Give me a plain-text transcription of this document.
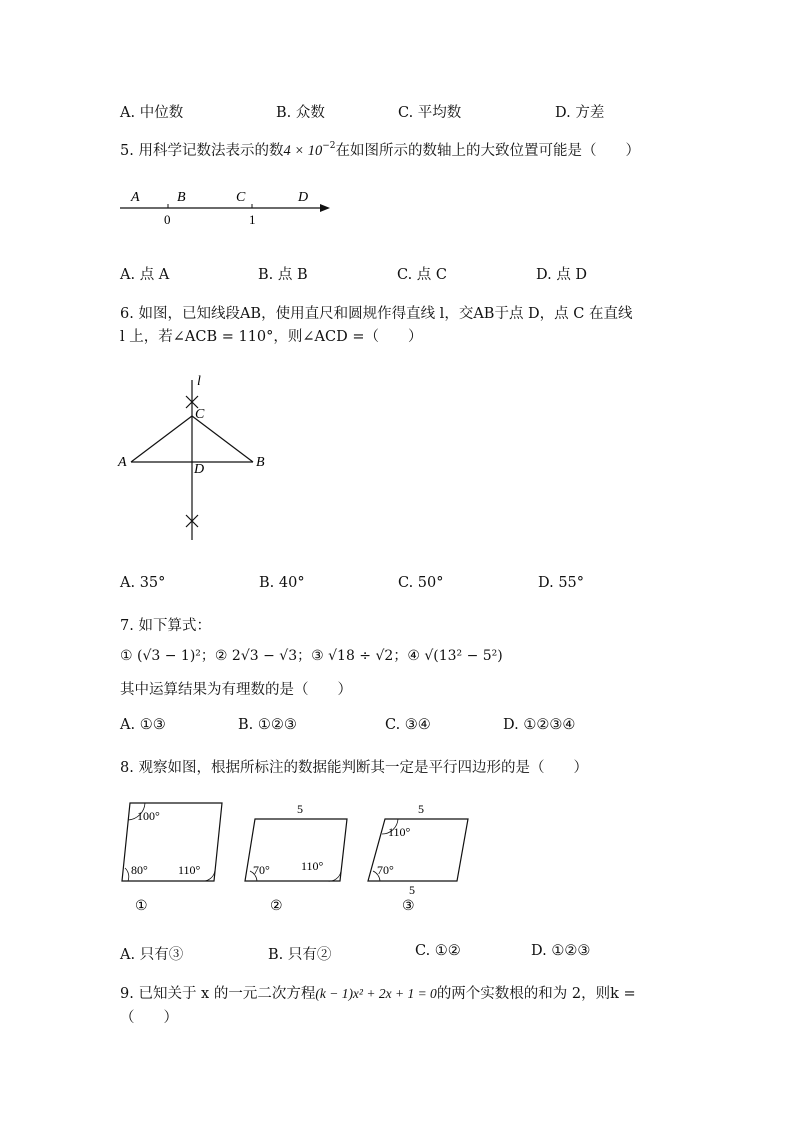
A. 中位数	B. 众数	C. 平均数	D. 方差
5. 用科学记数法表示的数$4 \times 10^{-2}$在如图所示的数轴上的大致位置可能是（　　）
A	B	C	D
0	1
A. 点 A	B. 点 B	C. 点 C	D. 点 D
6. 如图，已知线段AB，使用直尺和圆规作得直线 l，交AB于点 D，点 C 在直线
l 上，若∠ACB = 110°，则∠ACD =（　　）
l
C
A	D	B
A. 35°	B. 40°	C. 50°	D. 55°
7. 如下算式：
① (√3 − 1)²；② 2√3 − √3；③ √18 ÷ √2；④ √(13² − 5²)
其中运算结果为有理数的是（　　）
A. ①③	B. ①②③	C. ③④	D. ①②③④
8. 观察如图，根据所标注的数据能判断其一定是平行四边形的是（　　）
100°
80°	110°
①
5
70°	110°
②
5
110°
70°
5
③
A. 只有③	B. 只有②	C. ①②	D. ①②③
9. 已知关于 x 的一元二次方程(k − 1)x² + 2x + 1 = 0的两个实数根的和为 2，则k =
（　　）
